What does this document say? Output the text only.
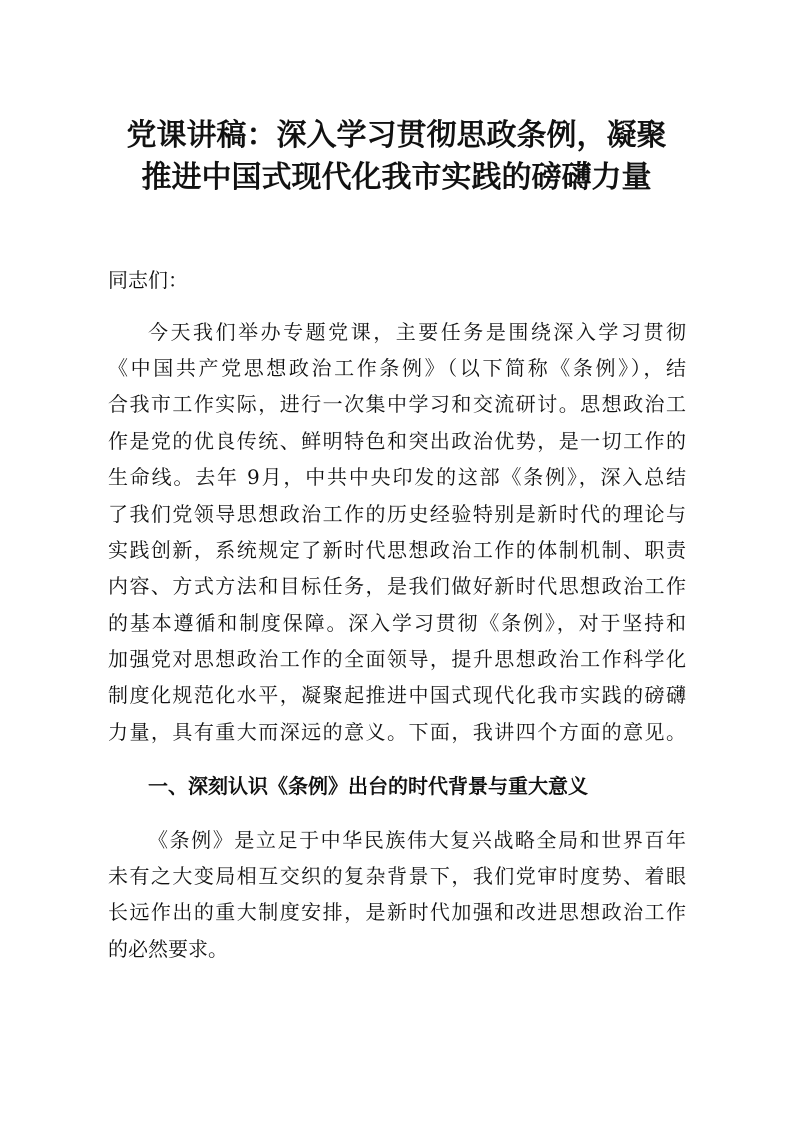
党课讲稿：深入学习贯彻思政条例，凝聚
推进中国式现代化我市实践的磅礴力量
同志们：
今天我们举办专题党课，主要任务是围绕深入学习贯彻
《中国共产党思想政治工作条例》（以下简称《条例》），结
合我市工作实际，进行一次集中学习和交流研讨。思想政治工
作是党的优良传统、鲜明特色和突出政治优势，是一切工作的
生命线。去年 9月，中共中央印发的这部《条例》，深入总结
了我们党领导思想政治工作的历史经验特别是新时代的理论与
实践创新，系统规定了新时代思想政治工作的体制机制、职责
内容、方式方法和目标任务，是我们做好新时代思想政治工作
的基本遵循和制度保障。深入学习贯彻《条例》，对于坚持和
加强党对思想政治工作的全面领导，提升思想政治工作科学化
制度化规范化水平，凝聚起推进中国式现代化我市实践的磅礴
力量，具有重大而深远的意义。下面，我讲四个方面的意见。
一、深刻认识《条例》出台的时代背景与重大意义
《条例》是立足于中华民族伟大复兴战略全局和世界百年
未有之大变局相互交织的复杂背景下，我们党审时度势、着眼
长远作出的重大制度安排，是新时代加强和改进思想政治工作
的必然要求。
